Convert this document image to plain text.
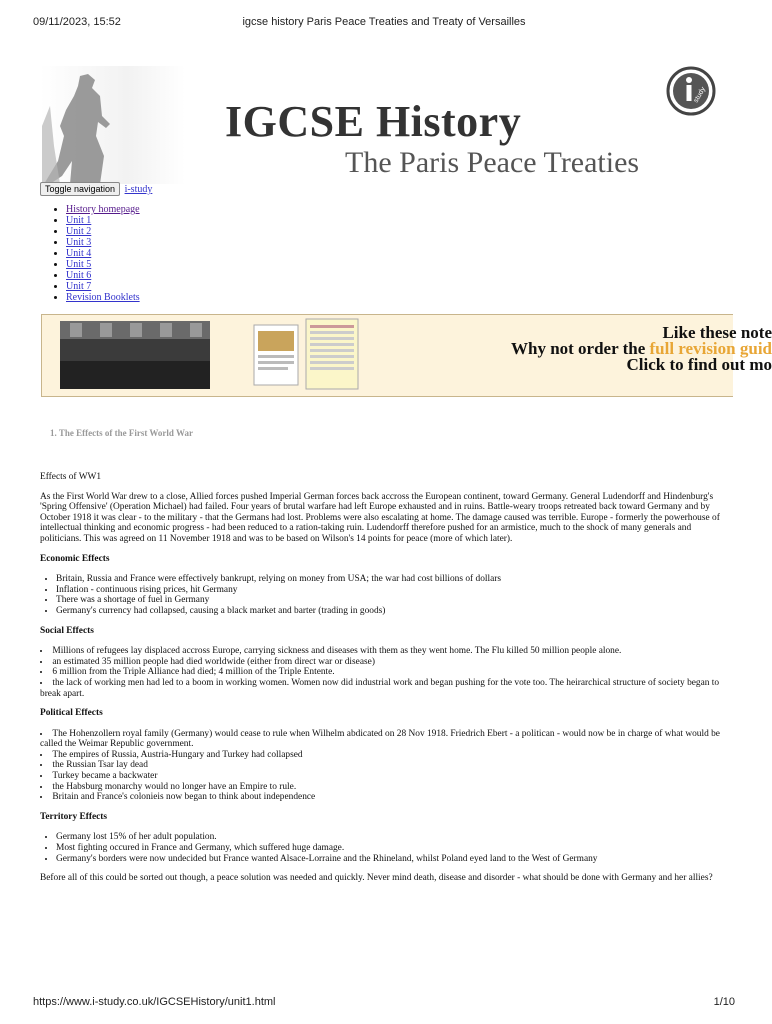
09/11/2023, 15:52	igcse history Paris Peace Treaties and Treaty of Versailles
IGCSE History
The Paris Peace Treaties
study
Toggle navigation i-study
• History homepage
• Unit 1
• Unit 2
• Unit 3
• Unit 4
• Unit 5
• Unit 6
• Unit 7
• Revision Booklets
Like these note
Why not order the full revision guid
Click to find out mo
1. The Effects of the First World War

Effects of WW1

As the First World War drew to a close, Allied forces pushed Imperial German forces back accross the European continent, toward Germany. General Ludendorff and Hindenburg's 'Spring Offensive' (Operation Michael) had failed. Four years of brutal warfare had left Europe exhausted and in ruins. Battle-weary troops retreated back toward Germany and by October 1918 it was clear - to the military - that the Germans had lost. Problems were also escalating at home. The damage caused was terrible. Europe - formerly the powerhouse of intellectual thinking and economic progress - had been reduced to a ration-taking ruin. Ludendorff therefore pushed for an armistice, much to the shock of many generals and politicians. This was agreed on 11 November 1918 and was to be based on Wilson's 14 points for peace (more of which later).

Economic Effects
• Britain, Russia and France were effectively bankrupt, relying on money from USA; the war had cost billions of dollars
• Inflation - continuous rising prices, hit Germany
• There was a shortage of fuel in Germany
• Germany's currency had collapsed, causing a black market and barter (trading in goods)
Social Effects
• Millions of refugees lay displaced accross Europe, carrying sickness and diseases with them as they went home. The Flu killed 50 million people alone.
• an estimated 35 million people had died worldwide (either from direct war or disease)
• 6 million from the Triple Alliance had died; 4 million of the Triple Entente.
• the lack of working men had led to a boom in working women. Women now did industrial work and began pushing for the vote too. The heirarchical structure of society began to break apart.
Political Effects
• The Hohenzollern royal family (Germany) would cease to rule when Wilhelm abdicated on 28 Nov 1918. Friedrich Ebert - a politican - would now be in charge of what would be called the Weimar Republic government.
• The empires of Russia, Austria-Hungary and Turkey had collapsed
• the Russian Tsar lay dead
• Turkey became a backwater
• the Habsburg monarchy would no longer have an Empire to rule.
• Britain and France's colonieis now began to think about independence
Territory Effects
• Germany lost 15% of her adult population.
• Most fighting occured in France and Germany, which suffered huge damage.
• Germany's borders were now undecided but France wanted Alsace-Lorraine and the Rhineland, whilst Poland eyed land to the West of Germany

Before all of this could be sorted out though, a peace solution was needed and quickly. Never mind death, disease and disorder - what should be done with Germany and her allies?

https://www.i-study.co.uk/IGCSEHistory/unit1.html	1/10
